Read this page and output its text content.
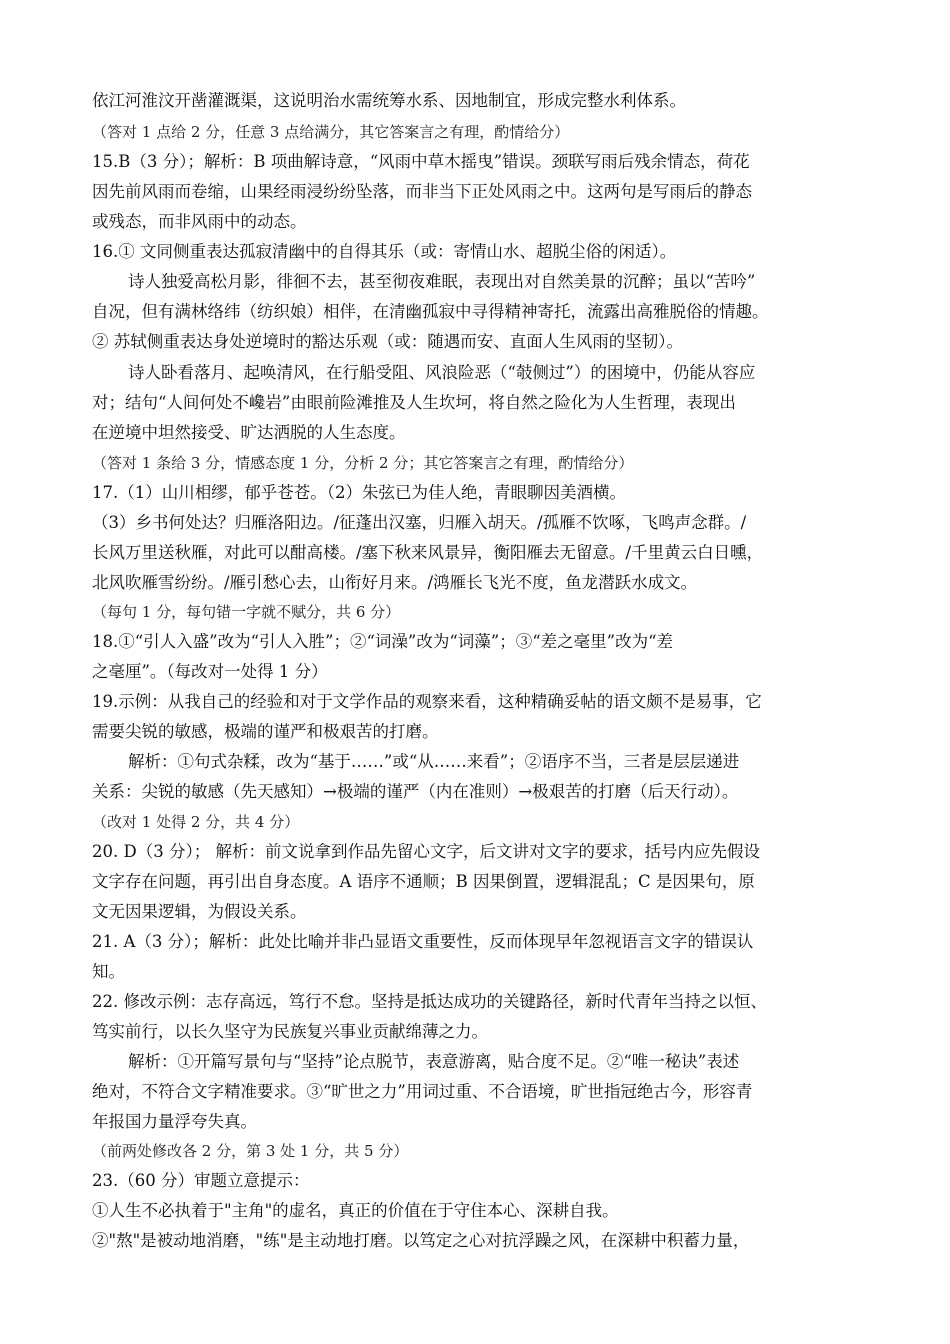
依江河淮汶开凿灌溉渠，这说明治水需统筹水系、因地制宜，形成完整水利体系。
（答对 1 点给 2 分，任意 3 点给满分，其它答案言之有理，酌情给分）
15.B（3 分）；解析：B 项曲解诗意，“风雨中草木摇曳”错误。颈联写雨后残余情态，荷花
因先前风雨而卷缩，山果经雨浸纷纷坠落，而非当下正处风雨之中。这两句是写雨后的静态
或残态，而非风雨中的动态。
16.① 文同侧重表达孤寂清幽中的自得其乐（或：寄情山水、超脱尘俗的闲适）。
诗人独爱高松月影，徘徊不去，甚至彻夜难眠，表现出对自然美景的沉醉；虽以“苦吟”
自况，但有满林络纬（纺织娘）相伴，在清幽孤寂中寻得精神寄托，流露出高雅脱俗的情趣。
② 苏轼侧重表达身处逆境时的豁达乐观（或：随遇而安、直面人生风雨的坚韧）。
诗人卧看落月、起唤清风，在行船受阻、风浪险恶（“攲侧过”）的困境中，仍能从容应
对；结句“人间何处不巉岩”由眼前险滩推及人生坎坷，将自然之险化为人生哲理，表现出
在逆境中坦然接受、旷达洒脱的人生态度。
（答对 1 条给 3 分，情感态度 1 分，分析 2 分；其它答案言之有理，酌情给分）
17.（1）山川相缪，郁乎苍苍。（2）朱弦已为佳人绝，青眼聊因美酒横。
（3）乡书何处达？归雁洛阳边。/征蓬出汉塞，归雁入胡天。/孤雁不饮啄，飞鸣声念群。/
长风万里送秋雁，对此可以酣高楼。/塞下秋来风景异，衡阳雁去无留意。/千里黄云白日曛，
北风吹雁雪纷纷。/雁引愁心去，山衔好月来。/鸿雁长飞光不度，鱼龙潜跃水成文。
（每句 1 分，每句错一字就不赋分，共 6 分）
18.①“引人入盛”改为“引人入胜”；②“词澡”改为“词藻”；③“差之毫里”改为“差
之毫厘”。（每改对一处得 1 分）
19.示例：从我自己的经验和对于文学作品的观察来看，这种精确妥帖的语文颇不是易事，它
需要尖锐的敏感，极端的谨严和极艰苦的打磨。
解析：①句式杂糅，改为“基于……”或“从……来看”；②语序不当，三者是层层递进
关系：尖锐的敏感（先天感知）→极端的谨严（内在准则）→极艰苦的打磨（后天行动）。
（改对 1 处得 2 分，共 4 分）
20. D（3 分）； 解析：前文说拿到作品先留心文字，后文讲对文字的要求，括号内应先假设
文字存在问题，再引出自身态度。A 语序不通顺；B 因果倒置，逻辑混乱；C 是因果句，原
文无因果逻辑，为假设关系。
21. A（3 分）；解析：此处比喻并非凸显语文重要性，反而体现早年忽视语言文字的错误认
知。
22. 修改示例：志存高远，笃行不怠。坚持是抵达成功的关键路径，新时代青年当持之以恒、
笃实前行，以长久坚守为民族复兴事业贡献绵薄之力。
解析：①开篇写景句与“坚持”论点脱节，表意游离，贴合度不足。②“唯一秘诀”表述
绝对，不符合文字精准要求。③“旷世之力”用词过重、不合语境，旷世指冠绝古今，形容青
年报国力量浮夸失真。
（前两处修改各 2 分，第 3 处 1 分，共 5 分）
23.（60 分）审题立意提示：
①人生不必执着于"主角"的虚名，真正的价值在于守住本心、深耕自我。
②"熬"是被动地消磨，"练"是主动地打磨。以笃定之心对抗浮躁之风，在深耕中积蓄力量，
